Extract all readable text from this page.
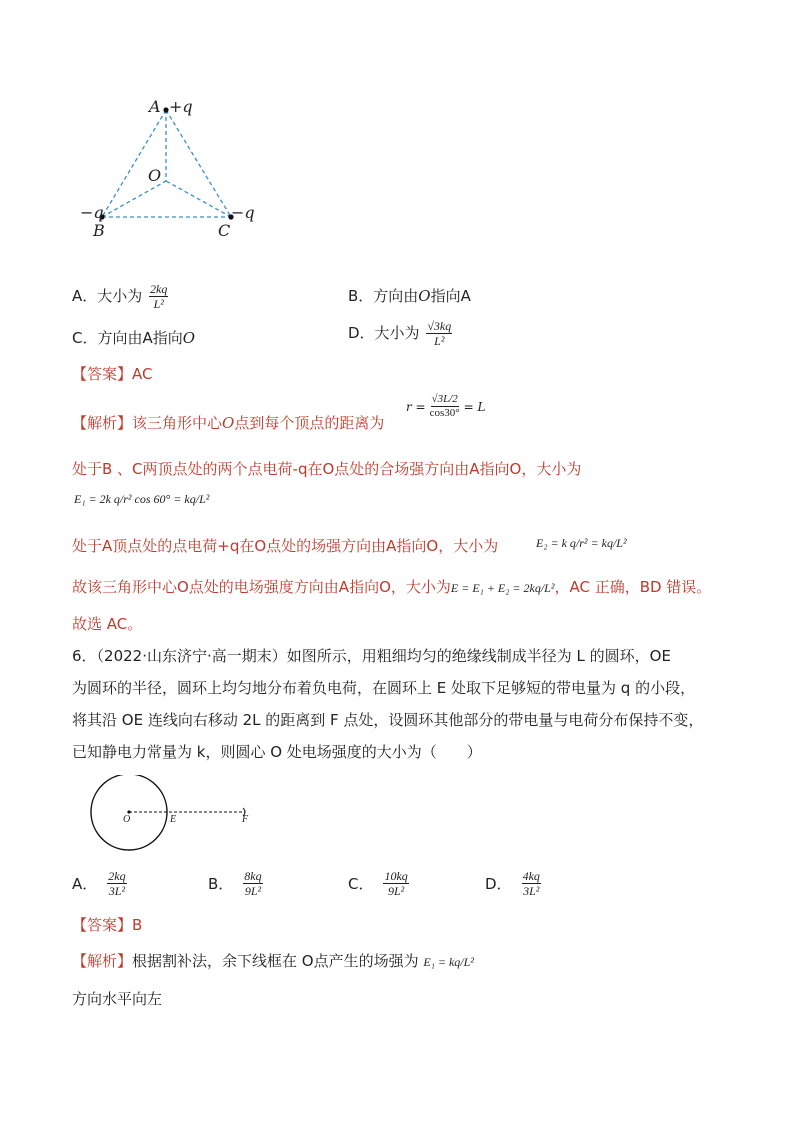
A +q
O
−q
B	C
−q
A．大小为 $\frac{2kq}{\text{L²}}$	B．方向由O指向A
C．方向由A指向O	D．大小为 $\frac{√3kq}{\text{L²}}$
【答案】AC
【解析】该三角形中心O点到每个顶点的距离为
$r = \frac{√3L/2}{\cos 30^\circ} = L$
处于B 、C两顶点处的两个点电荷-q在O点处的合场强方向由A指向O，大小为
E₁ = 2k q/r² cos 60° = kq/L²
处于A顶点处的点电荷+q在O点处的场强方向由A指向O，大小为	E₂ = k q/r² = kq/L²
故该三角形中心O点处的电场强度方向由A指向O，大小为E = E₁ + E₂ = 2kq/L²，AC 正确，BD 错误。
故选 AC。
6．（2022·山东济宁·高一期末）如图所示，用粗细均匀的绝缘线制成半径为 L 的圆环，OE
为圆环的半径，圆环上均匀地分布着负电荷，在圆环上 E 处取下足够短的带电量为 q 的小段，
将其沿 OE 连线向右移动 2L 的距离到 F 点处，设圆环其他部分的带电量与电荷分布保持不变，
已知静电力常量为 k，则圆心 O 处电场强度的大小为（　　）
O	E	F
A． $\frac{2kq}{\text{3L²}}$	B． $\frac{8kq}{\text{9L²}}$	C． $\frac{10kq}{\text{9L²}}$	D． $\frac{4kq}{\text{3L²}}$
【答案】B
【解析】根据割补法，余下线框在 O点产生的场强为 E₁ = kq/L²
方向水平向左
